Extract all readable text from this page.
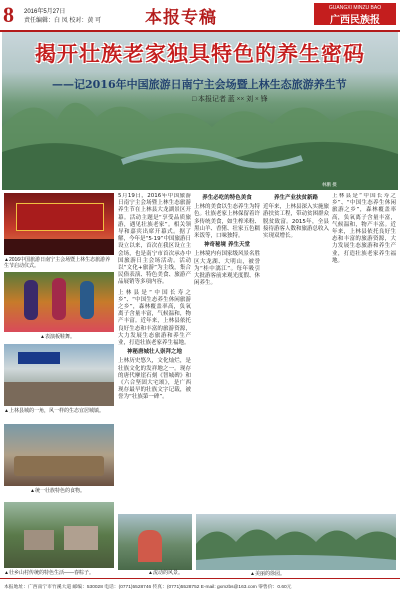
8 2016年5月27日
责任编辑：白 凤 校对：黄 可	本报专稿	GUANGXI MINZU BAO
广西民族报
揭开壮族老家独具特色的养生密码
——记2016年中国旅游日南宁主会场暨上林生态旅游养生节
□ 本报记者 蓝 ×× 刘 × 锋
林鹏 摄
▲2016中国旅游日南宁主会场暨上林生态旅游养生节启动仪式。
▲表演板鞋舞。
▲上林县城的一角，风一样的生态宜居城镇。
▲统一壮族特色的食物。
▲壮乡山村传统的特色生活——舂粽子。
5月19日，2016年中国旅游日南宁主会场暨上林生态旅游养生节在上林县大龙湖景区开幕。活动主题是“享受品质旅游，遇见壮族老家”。相关领导和嘉宾出席开幕式。据了解，今年是“5·19”中国旅游日设立以来，首次在我区设立主会场，也是南宁市首次承办中国旅游日主会场活动。活动以“文化+旅游”为主线，集合民俗表演、特色美食、旅游产品展销等多项内容。
上林县是“中国长寿之乡”、“中国生态养生休闲旅游之乡”，森林覆盖率高，负氧离子含量丰富，气候温和，物产丰富。近年来，上林县依托良好生态和丰富的旅游资源，大力发展生态旅游和养生产业，打造壮族老家养生福地。
神秘唐城壮人崇拜之地
上林历史悠久，文化灿烂，是壮族文化的发祥地之一。现存的唐代摩崖石刻《智城碑》和《六合坚固大宅颂》，是广西现存最早的壮族文字记载，被誉为“壮族第一碑”。
养生必吃的特色美食
上林的美食以生态养生为特色。壮族老家上林保留着许多传统美食，如生榨米粉、黑山羊、香猪、壮家五色糯米饭等，口味独特。
神奇秘境 养生天堂
上林境内有国家级风景名胜区大龙湖、大明山，被誉为“桂中漓江”。每年吸引大批游客前来观光度假、休闲养生。
养生产业扶贫新路
近年来，上林县深入实施旅游扶贫工程，带动贫困群众脱贫致富。2015年，全县接待游客人数和旅游总收入实现双增长。
上林县是“中国长寿之乡”、“中国生态养生休闲旅游之乡”，森林覆盖率高，负氧离子含量丰富，气候温和，物产丰富。近年来，上林县依托良好生态和丰富的旅游资源，大力发展生态旅游和养生产业，打造壮族老家养生福地。
▲流动的风景。	▲美丽的徐园。
本报地址：广西南宁市竹溪大道 邮编：530028 电话：(0771)5528746 传真：(0771)5528752 E-mail: gxmzbs@163.com 零售价：0.60元
